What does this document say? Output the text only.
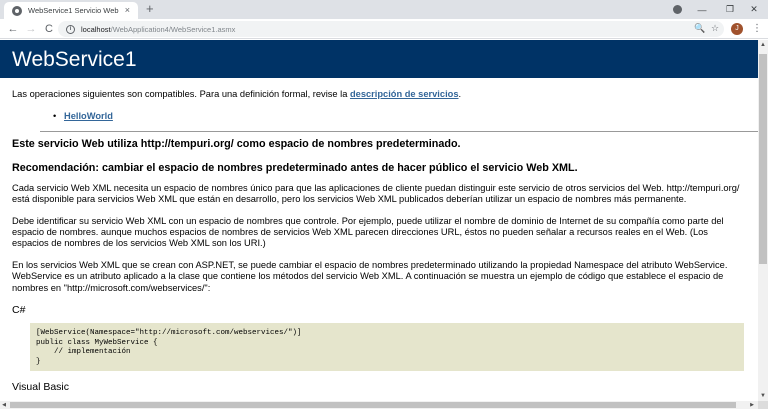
WebService1 Servicio Web × +	—	❐	✕
← → C	i	localhost/WebApplication4/WebService1.asmx	🔍 ☆	J	⋮
WebService1

Las operaciones siguientes son compatibles. Para una definición formal, revise la descripción de servicios.

• HelloWorld
Este servicio Web utiliza http://tempuri.org/ como espacio de nombres predeterminado.
Recomendación: cambiar el espacio de nombres predeterminado antes de hacer público el servicio Web XML.

Cada servicio Web XML necesita un espacio de nombres único para que las aplicaciones de cliente puedan distinguir este servicio de otros servicios del Web. http://tempuri.org/ está disponible para servicios Web XML que están en desarrollo, pero los servicios Web XML publicados deberían utilizar un espacio de nombres más permanente.

Debe identificar su servicio Web XML con un espacio de nombres que controle. Por ejemplo, puede utilizar el nombre de dominio de Internet de su compañía como parte del espacio de nombres. aunque muchos espacios de nombres de servicios Web XML parecen direcciones URL, éstos no pueden señalar a recursos reales en el Web. (Los espacios de nombres de los servicios Web XML son los URI.)

En los servicios Web XML que se crean con ASP.NET, se puede cambiar el espacio de nombres predeterminado utilizando la propiedad Namespace del atributo WebService. WebService es un atributo aplicado a la clase que contiene los métodos del servicio Web XML. A continuación se muestra un ejemplo de código que establece el espacio de nombres en "http://microsoft.com/webservices/":

C#
[WebService(Namespace="http://microsoft.com/webservices/")]
public class MyWebService {
// implementación
}
Visual Basic
▲
▼
◀	▶
